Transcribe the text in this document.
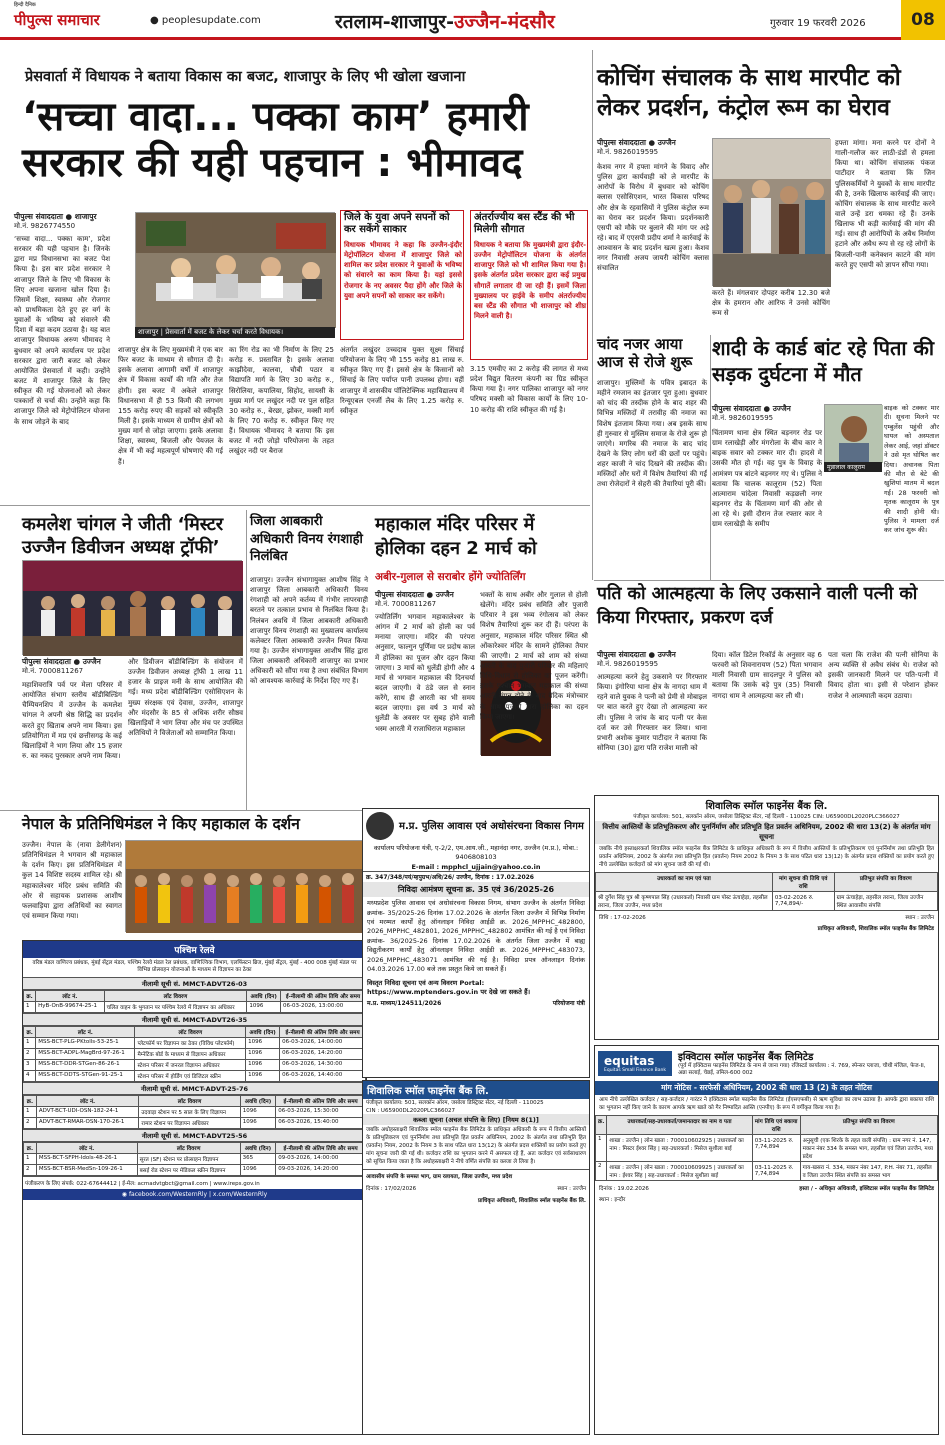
हिन्दी दैनिक
पीपुल्स समाचार	● peoplesupdate.com	रतलाम-शाजापुर-उज्जैन-मंदसौर	गुरुवार 19 फरवरी 2026	08
प्रेसवार्ता में विधायक ने बताया विकास का बजट, शाजापुर के लिए भी खोला खजाना
‘सच्चा वादा... पक्का काम’ हमारी सरकार की यही पहचान : भीमावद
पीपुल्स संवाददाता ● शाजापुर
मो.नं. 9826774550
‘सच्चा वादा... पक्का काम’, प्रदेश सरकार की यही पहचान है। जिनके द्वारा मप्र विधानसभा का बजट पेश किया है। इस बार प्रदेश सरकार ने शाजापुर जिले के लिए भी विकास के लिए अपना खजाना खोल दिया है। जिसमें शिक्षा, स्वास्थ्य और रोजगार को प्राथमिकता देते हुए हर वर्ग के युवाओं के भविष्य को संवारने की दिशा में बड़ा कदम उठाया है। यह बात शाजापुर विधायक अरुण भीमावद ने बुधवार को अपने कार्यालय पर प्रदेश सरकार द्वारा जारी बजट को लेकर आयोजित प्रेसवार्ता में कही। उन्होंने बजट में शाजापुर जिले के लिए स्वीकृत की गई योजनाओं को लेकर पत्रकारों से चर्चा की। उन्होंने कहा कि शाजापुर जिले को मेट्रोपोलिटन योजना के साथ जोड़ने के बाद
शाजापुर | प्रेसवार्ता में बजट के लेकर चर्चा करते विधायक।
शाजापुर क्षेत्र के लिए मुख्यमंत्री ने एक बार फिर बजट के माध्यम से सौगात दी है। इसके अलावा आगामी वर्षों में शाजापुर क्षेत्र में विकास कार्यों की गति और तेज होगी। इस बजट में अकेले शाजापुर विधानसभा में ही 53 किमी की लगभग 155 करोड़ रुपए की सड़कों को स्वीकृति मिली है। इसके माध्यम से ग्रामीण क्षेत्रों को मुख्य मार्ग से जोड़ा जाएगा। इसके अलावा शिक्षा, स्वास्थ्य, बिजली और पेयजल के क्षेत्र में भी कई महत्वपूर्ण घोषणाएं की गई हैं।
का रिंग रोड का भी निर्माण के लिए 25 करोड़ रु. प्रस्तावित है। इसके अलावा काझीदेवा, कालवा, चौबी पठार व विद्यापति मार्ग के लिए 30 करोड़ रु., सिरोलिया, कपालिया, सिहोद, सायसी के मुख्य मार्ग पर लखुंदर नदी पर पुल सहित 30 करोड़ रु., बेरछा, झोकर, मक्सी मार्ग के लिए 70 करोड़ रु. स्वीकृत किए गए हैं। विधायक भीमावद ने बताया कि इस बजट में नदी जोड़ो परियोजना के तहत लखुंदर नदी पर बैराज
जिले के युवा अपने सपनों को कर सकेंगे साकार
विधायक भीमावद ने कहा कि उज्जैन-इंदौर मेट्रोपॉलिटन योजना में शाजापुर जिले को शामिल कर प्रदेश सरकार ने युवाओं के भविष्य को संवारने का काम किया है। यहां इससे रोजगार के नए अवसर पैदा होंगे और जिले के युवा अपने सपनों को साकार कर सकेंगे।
अंतर्गत लखुंदर उच्चदाब युक्त सूक्ष्म सिंचाई परियोजना के लिए भी 155 करोड़ 81 लाख रु. स्वीकृत किए गए हैं। इससे क्षेत्र के किसानों को सिंचाई के लिए पर्याप्त पानी उपलब्ध होगा। वहीं शाजापुर में शासकीय पॉलिटेक्निक महाविद्यालय में रिन्यूएबल एनर्जी लैब के लिए 1.25 करोड़ रु. स्वीकृत
अंतर्राज्यीय बस स्टैंड की भी मिलेगी सौगात
विधायक ने बताया कि मुख्यमंत्री द्वारा इंदौर-उज्जैन मेट्रोपॉलिटन योजना के अंतर्गत शाजापुर जिले को भी शामिल किया गया है। इसके अंतर्गत प्रदेश सरकार द्वारा कई प्रमुख सौगातें लगातार दी जा रही हैं। इसमें जिला मुख्यालय पर हाईवे के समीप अंतर्राज्यीय बस स्टैंड की सौगात भी शाजापुर को शीघ्र मिलने वाली है।
3.15 एमवीए का 2 करोड़ की लागत से मध्य प्रदेश विद्युत वितरण कंपनी का ग्रिड स्वीकृत किया गया है। नगर पालिका शाजापुर को नगर परिषद मक्सी को विकास कार्यों के लिए 10-10 करोड़ की राशि स्वीकृत की गई है।
कोचिंग संचालक के साथ मारपीट को लेकर प्रदर्शन, कंट्रोल रूम का घेराव
पीपुल्स संवाददाता ● उज्जैन
मो.नं. 9826019595
केशव नगर में हफ्ता मांगने के विवाद और पुलिस द्वारा कार्यवाही को ले मारपीट के आरोपों के विरोध में बुधवार को कोचिंग क्लास एसोसिएशन, भारत विकास परिषद और क्षेत्र के रहवासियों ने पुलिस कंट्रोल रूम का घेराव कर प्रदर्शन किया। प्रदर्शनकारी एसपी को मौके पर बुलाने की मांग पर अड़े रहे। बाद में एएसपी प्रदीप शर्मा ने कार्रवाई के आश्वासन के बाद प्रदर्शन खत्म हुआ। केशव नगर निवासी अजय जायरी कोचिंग क्लास संचालित
करते हैं। मंगलवार दोपहर करीब 12.30 बजे क्षेत्र के हमरान और आरिफ ने उनसे कोचिंग रूम से
हफ्ता मांगा। मना करने पर दोनों ने गाली-गलौज कर लाठी-डंडों से हमला किया था। कोचिंग संचालक पंकज पाटीदार ने बताया कि जिन पुलिसकर्मियों ने युवकों के साथ मारपीट की है, उनके खिलाफ कार्रवाई की जाए। कोचिंग संचालक के साथ मारपीट करने वाले उन्हें डरा धमका रहे हैं। उनके खिलाफ भी कड़ी कार्रवाई की मांग की गई। साथ ही आरोपियों के अवैध निर्माण हटाने और अवैध रूप से रह रहे लोगों के बिजली-पानी कनेक्शन काटने की मांग करते हुए एसपी को ज्ञापन सौंपा गया।
चांद नजर आया आज से रोजे शुरू
शाजापुर। मुस्लिमों के पवित्र इबादत के महीने रमजान का इंतजार पूरा हुआ। बुधवार को चांद की तस्दीक होने के बाद शहर की विभिन्न मस्जिदों में तरावीह की नमाज का विशेष इंतजाम किया गया। अब इसके साथ ही गुरुवार से मुस्लिम समाज के रोजे शुरू हो जाएंगे। मगरिब की नमाज के बाद चांद देखने के लिए लोग घरों की छतों पर पहुंचे। शहर काजी ने चांद दिखने की तस्दीक की। मस्जिदों और घरों में विशेष तैयारियां की गईं तथा रोजेदारों ने सेहरी की तैयारियां पूरी कीं।
शादी के कार्ड बांट रहे पिता की सड़क दुर्घटना में मौत
पीपुल्स संवाददाता ● उज्जैन
मो.नं. 9826019595
मुन्नालाल कालूराम
चिंतामण थाना क्षेत्र स्थित बड़नगर रोड पर ग्राम रलाखेड़ी और मंगरोला के बीच कार ने बाइक सवार को टक्कर मार दी। हादसे में उसकी मौत हो गई। वह पुत्र के विवाह के आमंत्रण पत्र बांटने बड़नगर गए थे। पुलिस ने बताया कि चालक कालूराम (52) पिता आत्माराम चांदेला निवासी कड़छली नगर बड़नगर रोड के चिंतामण मार्ग की ओर से आ रहे थे। इसी दौरान तेज रफ्तार कार ने ग्राम रलाखेड़ी के समीप
बाइक को टक्कर मार दी। सूचना मिलने पर एम्बुलेंस पहुंची और घायल को अस्पताल लेकर आई, जहां डॉक्टर ने उसे मृत घोषित कर दिया। अचानक पिता की मौत से बेटे की खुशियां मातम में बदल गईं। 28 फरवरी को मृतक कालूराम के पुत्र की शादी होनी थी। पुलिस ने मामला दर्ज कर जांच शुरू की।
कमलेश चांगल ने जीती ‘मिस्टर उज्जैन डिवीजन अध्यक्ष ट्रॉफी’
पीपुल्स संवाददाता ● उज्जैन
मो.नं. 7000811267
महाशिवरात्रि पर्व पर मेला परिसर में आयोजित संभाग स्तरीय बॉडीबिल्डिंग चैम्पियनशिप में उज्जैन के कमलेश चांगल ने अपनी श्रेष्ठ सिद्धि का प्रदर्शन करते हुए खिताब अपने नाम किया। इस प्रतियोगिता में मप्र एवं छत्तीसगढ़ के कई खिलाड़ियों ने भाग लिया और 15 हजार रु. का नकद पुरस्कार अपने नाम किया।
और डिवीजन बॉडीबिल्डिंग के संयोजन में उज्जैन डिवीजन अध्यक्ष ट्रॉफी 1 लाख 11 हजार के प्राइज मनी के साथ आयोजित की गई। मध्य प्रदेश बॉडीबिल्डिंग एसोसिएशन के मुख्य संरक्षक एवं देवास, उज्जैन, शाजापुर और मंदसौर के 85 से अधिक शरीर सौष्ठव खिलाड़ियों ने भाग लिया और मंच पर उपस्थित अतिथियों ने विजेताओं को सम्मानित किया।
जिला आबकारी अधिकारी विनय रंगशाही निलंबित
शाजापुर। उज्जैन संभागायुक्त आशीष सिंह ने शाजापुर जिला आबकारी अधिकारी विनय रंगशाही को अपने कर्तव्य में गंभीर लापरवाही बरतने पर तत्काल प्रभाव से निलंबित किया है। निलंबन अवधि में जिला आबकारी अधिकारी शाजापुर विनय रंगशाही का मुख्यालय कार्यालय कलेक्टर जिला आबकारी उज्जैन नियत किया गया है। उज्जैन संभागायुक्त आशीष सिंह द्वारा जिला आबकारी अधिकारी शाजापुर का प्रभार अधिकारी को सौंपा गया है तथा संबंधित विभाग को आवश्यक कार्रवाई के निर्देश दिए गए हैं।
महाकाल मंदिर परिसर में होलिका दहन 2 मार्च को
अबीर-गुलाल से सराबोर होंगे ज्योतिर्लिंग
पीपुल्स संवाददाता ● उज्जैन
मो.नं. 7000811267
ज्योतिर्लिंग भगवान महाकालेश्वर के आंगन में 2 मार्च को होली का पर्व मनाया जाएगा। मंदिर की परंपरा अनुसार, फाल्गुन पूर्णिमा पर प्रदोष काल में होलिका का पूजन और दहन किया जाएगा। 3 मार्च को धुलेंडी होगी और 4 मार्च से भगवान महाकाल की दिनचर्या बदल जाएगी। वे ठंडे जल से स्नान करेंगे, साथ ही आरती का भी समय बदल जाएगा। इस वर्ष 3 मार्च को धुलेंडी के अवसर पर सुबह होने वाली भस्म आरती में राजाधिराज महाकाल
भक्तों के साथ अबीर और गुलाल से होली खेलेंगे। मंदिर प्रबंध समिति और पुजारी परिवार ने इस भव्य रंगोत्सव को लेकर विशेष तैयारियां शुरू कर दी हैं। परंपरा के अनुसार, महाकाल मंदिर परिसर स्थित श्री ओंकारेश्वर मंदिर के सामने होलिका तैयार की जाएगी। 2 मार्च को शाम को संध्या आरती के बाद पुजारी परिवार की महिलाएं विधि-विधान से होलिका का पूजन करेंगी। इसके पश्चात भगवान महाकाल की संध्या आरती संपन्न होने के बाद वैदिक मंत्रोच्चार के साथ पुजारी द्वारा होलिका का दहन किया जाएगा।
पति को आत्महत्या के लिए उकसाने वाली पत्नी को किया गिरफ्तार, प्रकरण दर्ज
पीपुल्स संवाददाता ● उज्जैन
मो.नं. 9826019595
आत्महत्या करने हेतु उकसाने पर गिरफ्तार किया। इंगोरिया थाना क्षेत्र के नागदा धाम में रहने वाले युवक ने पत्नी को प्रेमी से मोबाइल पर बात करते हुए देखा तो आत्महत्या कर ली। पुलिस ने जांच के बाद पत्नी पर केस दर्ज कर उसे गिरफ्तार कर लिया। थाना प्रभारी अशोक कुमार पाटीदार ने बताया कि सोनिया (30) द्वारा पति राजेश माली को
दिया। कॉल डिटेल रिकॉर्ड के अनुसार वह 6 फरवरी को शिवनारायण (52) पिता भगवान माली निवासी ग्राम सादलपुर ने पुलिस को बताया कि उसके बड़े पुत्र (35) निवासी नागदा धाम ने आत्महत्या कर ली थी।
पता चला कि राजेश की पत्नी सोनिया के अन्य व्यक्ति से अवैध संबंध थे। राजेश को इसकी जानकारी मिलने पर पति-पत्नी में विवाद होता था। इसी से परेशान होकर राजेश ने आत्मघाती कदम उठाया।
नेपाल के प्रतिनिधिमंडल ने किए महाकाल के दर्शन
उज्जैन। नेपाल के (नावा डेलीगेशन) प्रतिनिधिमंडल ने भगवान श्री महाकाल के दर्शन किए। इस प्रतिनिधिमंडल में कुल 14 विशिष्ट सदस्य शामिल रहे। श्री महाकालेश्वर मंदिर प्रबंध समिति की ओर से सहायक प्रशासक आशीष फलवाड़िया द्वारा अतिथियों का स्वागत एवं सम्मान किया गया।
पश्चिम रेलवे
वरिष्ठ मंडल वाणिज्य प्रबंधक, मुंबई सेंट्रल मंडल, पश्चिम रेलवे मंडल रेल प्रबंधक, वाणिज्यिक विभाग, एलफिंस्टन ब्रिज, मुंबई सेंट्रल, मुंबई - 400 008 मुंबई मंडल पर विभिन्न प्रोत्साहन योजनाओं के माध्यम से विज्ञापन का ठेका
नीलामी सूची सं. MMCT-ADVT26-03
क्र.	लॉट नं.	लॉट विवरण	अवधि (दिन)	ई-नीलामी की अंतिम तिथि और समय
1	HyB-OnB-99674-25-1	चलित वाहन के भुगतान पर पश्चिम रेलवे में विज्ञापन का अधिकार	1096	06-03-2026, 13:00:00
नीलामी सूची सं. MMCT-ADVT26-35
क्र.	लॉट नं.	लॉट विवरण	अवधि (दिन)	ई-नीलामी की अंतिम तिथि और समय
1	MSS-BCT-PLG-PKtolls-53-25-1	प्लेटफॉर्म पर विज्ञापन का ठेका (विविध प्लेटफॉर्म)	1096	06-03-2026, 14:00:00
2	MSS-BCT-ADPL-MagBrd-97-26-1	मैग्नेटिक बोर्ड के माध्यम से विज्ञापन अधिकार	1096	06-03-2026, 14:20:00
3	MSS-BCT-DDR-STGen-86-26-1	स्टेशन परिसर में जनरल विज्ञापन अधिकार	1096	06-03-2026, 14:30:00
4	MSS-BCT-DDTS-STGen-91-25-1	स्टेशन परिसर में होर्डिंग एवं डिजिटल स्क्रीन	1096	06-03-2026, 14:40:00
नीलामी सूची सं. MMCT-ADVT-25-76
क्र.	लॉट नं.	लॉट विवरण	अवधि (दिन)	ई-नीलामी की अंतिम तिथि और समय
1	ADVT-BCT-UDI-OSN-182-24-1	उदवाड़ा स्टेशन पर 5 साल के लिए विज्ञापन	1096	06-03-2026, 15:30:00
2	ADVT-BCT-RMAR-OSN-170-26-1	रामार स्टेशन पर विज्ञापन अधिकार	1096	06-03-2026, 15:40:00
नीलामी सूची सं. MMCT-ADVT25-56
क्र.	लॉट नं.	लॉट विवरण	अवधि (दिन)	ई-नीलामी की अंतिम तिथि और समय
1	MSS-BCT-SFPH-Idols-48-26-1	सूरत (SF) स्टेशन पर प्रोत्साहन विज्ञापन	365	09-03-2026, 14:00:00
2	MSS-BCT-BSR-MedSn-109-26-1	बसई रोड स्टेशन पर मेडिकल स्क्रीन विज्ञापन	1096	09-03-2026, 14:20:00
पंजीकरण के लिए संपर्क: 022-67644412 | ई-मेल: acmadvtgbct@gmail.com | www.ireps.gov.in
◉ facebook.com/WesternRly | x.com/WesternRly
म.प्र. पुलिस आवास एवं अधोसंरचना विकास निगम
कार्यालय परियोजना यंत्री, ए-2/2, एम.आय.जी., महानंदा नगर, उज्जैन (म.प्र.), मोबा.: 9406808103
E-mail : mpphcl_ujjain@yahoo.co.in
क्र. 347/348/पयं/म्हपुग्रभ/अधि/26/ उज्जैन, दिनांक : 17.02.2026
निविदा आमंत्रण सूचना क्र. 35 एवं 36/2025-26
मध्यप्रदेश पुलिस आवास एवं अधोसंरचना विकास निगम, संभाग उज्जैन के अंतर्गत निविदा क्रमांक- 35/2025-26 दिनांक 17.02.2026 के अंतर्गत जिला उज्जैन में विभिन्न निर्माण एवं मरम्मत कार्यों हेतु ऑनलाइन निविदा आईडी क्र. 2026_MPPHC_482800, 2026_MPPHC_482801, 2026_MPPHC_482802 आमंत्रित की गई है एवं निविदा क्रमांक- 36/2025-26 दिनांक 17.02.2026 के अंतर्गत जिला उज्जैन में बाह्य विद्युतीकरण कार्यों हेतु ऑनलाइन निविदा आईडी क्र. 2026_MPPHC_483073, 2026_MPPHC_483071 आमंत्रित की गई है। निविदा प्रपत्र ऑनलाइन दिनांक 04.03.2026 17.00 बजे तक प्रस्तुत किये जा सकते हैं।
विस्तृत निविदा सूचना एवं अन्य विवरण Portal: https://www.mptenders.gov.in पर देखे जा सकते हैं।
म.प्र. माध्यम/124511/2026	परियोजना यंत्री
शिवालिक स्मॉल फाइनेंस बैंक लि.
पंजीकृत कार्यालय: 501, सलकॉन ऑरम, जसोला डिस्ट्रिक्ट सेंटर, नई दिल्ली - 110025
CIN : U65900DL2020PLC366027
कब्जा सूचना (अचल संपत्ति के लिए) [नियम 8(1)]
जबकि अधोहस्ताक्षरी शिवालिक स्मॉल फाइनेंस बैंक लिमिटेड के प्राधिकृत अधिकारी के रूप में वित्तीय आस्तियों के प्रतिभूतिकरण एवं पुनर्निर्माण तथा प्रतिभूति हित प्रवर्तन अधिनियम, 2002 के अंतर्गत तथा प्रतिभूति हित (प्रवर्तन) नियम, 2002 के नियम 3 के साथ पठित धारा 13(12) के अंतर्गत प्रदत्त शक्तियों का प्रयोग करते हुए मांग सूचना जारी की गई थी। कर्जदार राशि का भुगतान करने में असफल रहे हैं, अतः कर्जदार एवं सर्वसाधारण को सूचित किया जाता है कि अधोहस्ताक्षरी ने नीचे वर्णित संपत्ति का कब्जा ले लिया है।
आवासीय संपत्ति के समस्त भाग, ग्राम रलायता, जिला उज्जैन, मध्य प्रदेश
दिनांक : 17/02/2026	स्थान : उज्जैन
प्राधिकृत अधिकारी, शिवालिक स्मॉल फाइनेंस बैंक लि.
शिवालिक स्मॉल फाइनेंस बैंक लि.
पंजीकृत कार्यालय: 501, सलकॉन ऑरम, जसोला डिस्ट्रिक्ट सेंटर, नई दिल्ली - 110025 CIN: U65900DL2020PLC366027
वित्तीय आस्तियों के प्रतिभूतिकरण और पुनर्निर्माण और प्रतिभूति हित प्रवर्तन अधिनियम, 2002 की धारा 13(2) के अंतर्गत मांग सूचना
जबकि नीचे हस्ताक्षरकर्ता शिवालिक स्मॉल फाइनेंस बैंक लिमिटेड के प्राधिकृत अधिकारी के रूप में वित्तीय आस्तियों के प्रतिभूतिकरण एवं पुनर्निर्माण तथा प्रतिभूति हित प्रवर्तन अधिनियम, 2002 के अंतर्गत तथा प्रतिभूति हित (प्रवर्तन) नियम 2002 के नियम 3 के साथ पठित धारा 13(12) के अंतर्गत प्रदत्त शक्तियों का प्रयोग करते हुए नीचे उल्लेखित कर्जदारों को मांग सूचना जारी की गई थी।
उधारकर्ता का नाम एवं पता	मांग सूचना की तिथि एवं राशि	प्रतिभूत संपत्ति का विवरण
श्री दुर्गेश सिंह पुत्र श्री कृष्णपाल सिंह (उधारकर्ता) निवासी ग्राम पोस्ट ऊंचाहेड़ा, तहसील तराना, जिला उज्जैन, मध्य प्रदेश	03-02-2026 रु. 7,74,894/-	ग्राम ऊंचाहेड़ा, तहसील तराना, जिला उज्जैन स्थित आवासीय संपत्ति
तिथि : 17-02-2026	स्थान : उज्जैन
प्राधिकृत अधिकारी, शिवालिक स्मॉल फाइनेंस बैंक लिमिटेड
equitas
Equitas Small Finance Bank
इक्विटास स्मॉल फाइनेंस बैंक लिमिटेड
(पूर्व में इक्विटास फाइनेंस लिमिटेड के नाम से जाना गया) रजिस्टर्ड कार्यालय : नं. 769, स्पेन्सर प्लाजा, चौथी मंजिल, फेज-II, अन्ना सलाई, चेन्नई, तमिल-600 002
मांग नोटिस - सरफेसी अधिनियम, 2002 की धारा 13 (2) के तहत नोटिस
आप नीचे उल्लेखित कर्जदार / सह-कर्जदार / गारंटर ने इक्विटास स्मॉल फाइनेंस बैंक लिमिटेड (ईएसएफबी) से ऋण सुविधा का लाभ उठाया है। आपके द्वारा बकाया राशि का भुगतान नहीं किए जाने के कारण आपके ऋण खाते को गैर निष्पादित आस्ति (एनपीए) के रूप में वर्गीकृत किया गया है।
क्र.	उधारकर्ता/सह-उधारकर्ता/जमानतदार का नाम व पता	मांग तिथि एवं बकाया राशि	प्रतिभूत संपत्ति का विवरण
1	शाखा : उज्जैन | लोन खाता : 700010602925 | उधारकर्ता का नाम : मिस्टर ईश्वर सिंह | सह-उधारकर्ता : मिसेज सुशीला बाई	03-11-2025 रु. 7,74,894	अनुसूची (एक शिरके के तहत वाली संपत्ति) : ग्राम नगर नं. 147, मकान नंबर 334 के समस्त भाग, तहसील एवं जिला उज्जैन, मध्य प्रदेश
2	शाखा : उज्जैन | लोन खाता : 700010609925 | उधारकर्ता का नाम : ईश्वर सिंह | सह-उधारकर्ता : मिसेज सुशीला बाई	03-11-2025 रु. 7,74,894	गाय-खसरा नं. 334, मकान नंबर 147, P.H. नंबर 71, तहसील व जिला उज्जैन स्थित संपत्ति का समस्त भाग
दिनांक : 19.02.2026	हस्ता / - अधिकृत अधिकारी, इक्विटास स्मॉल फाइनेंस बैंक लिमिटेड
स्थान : इन्दौर
